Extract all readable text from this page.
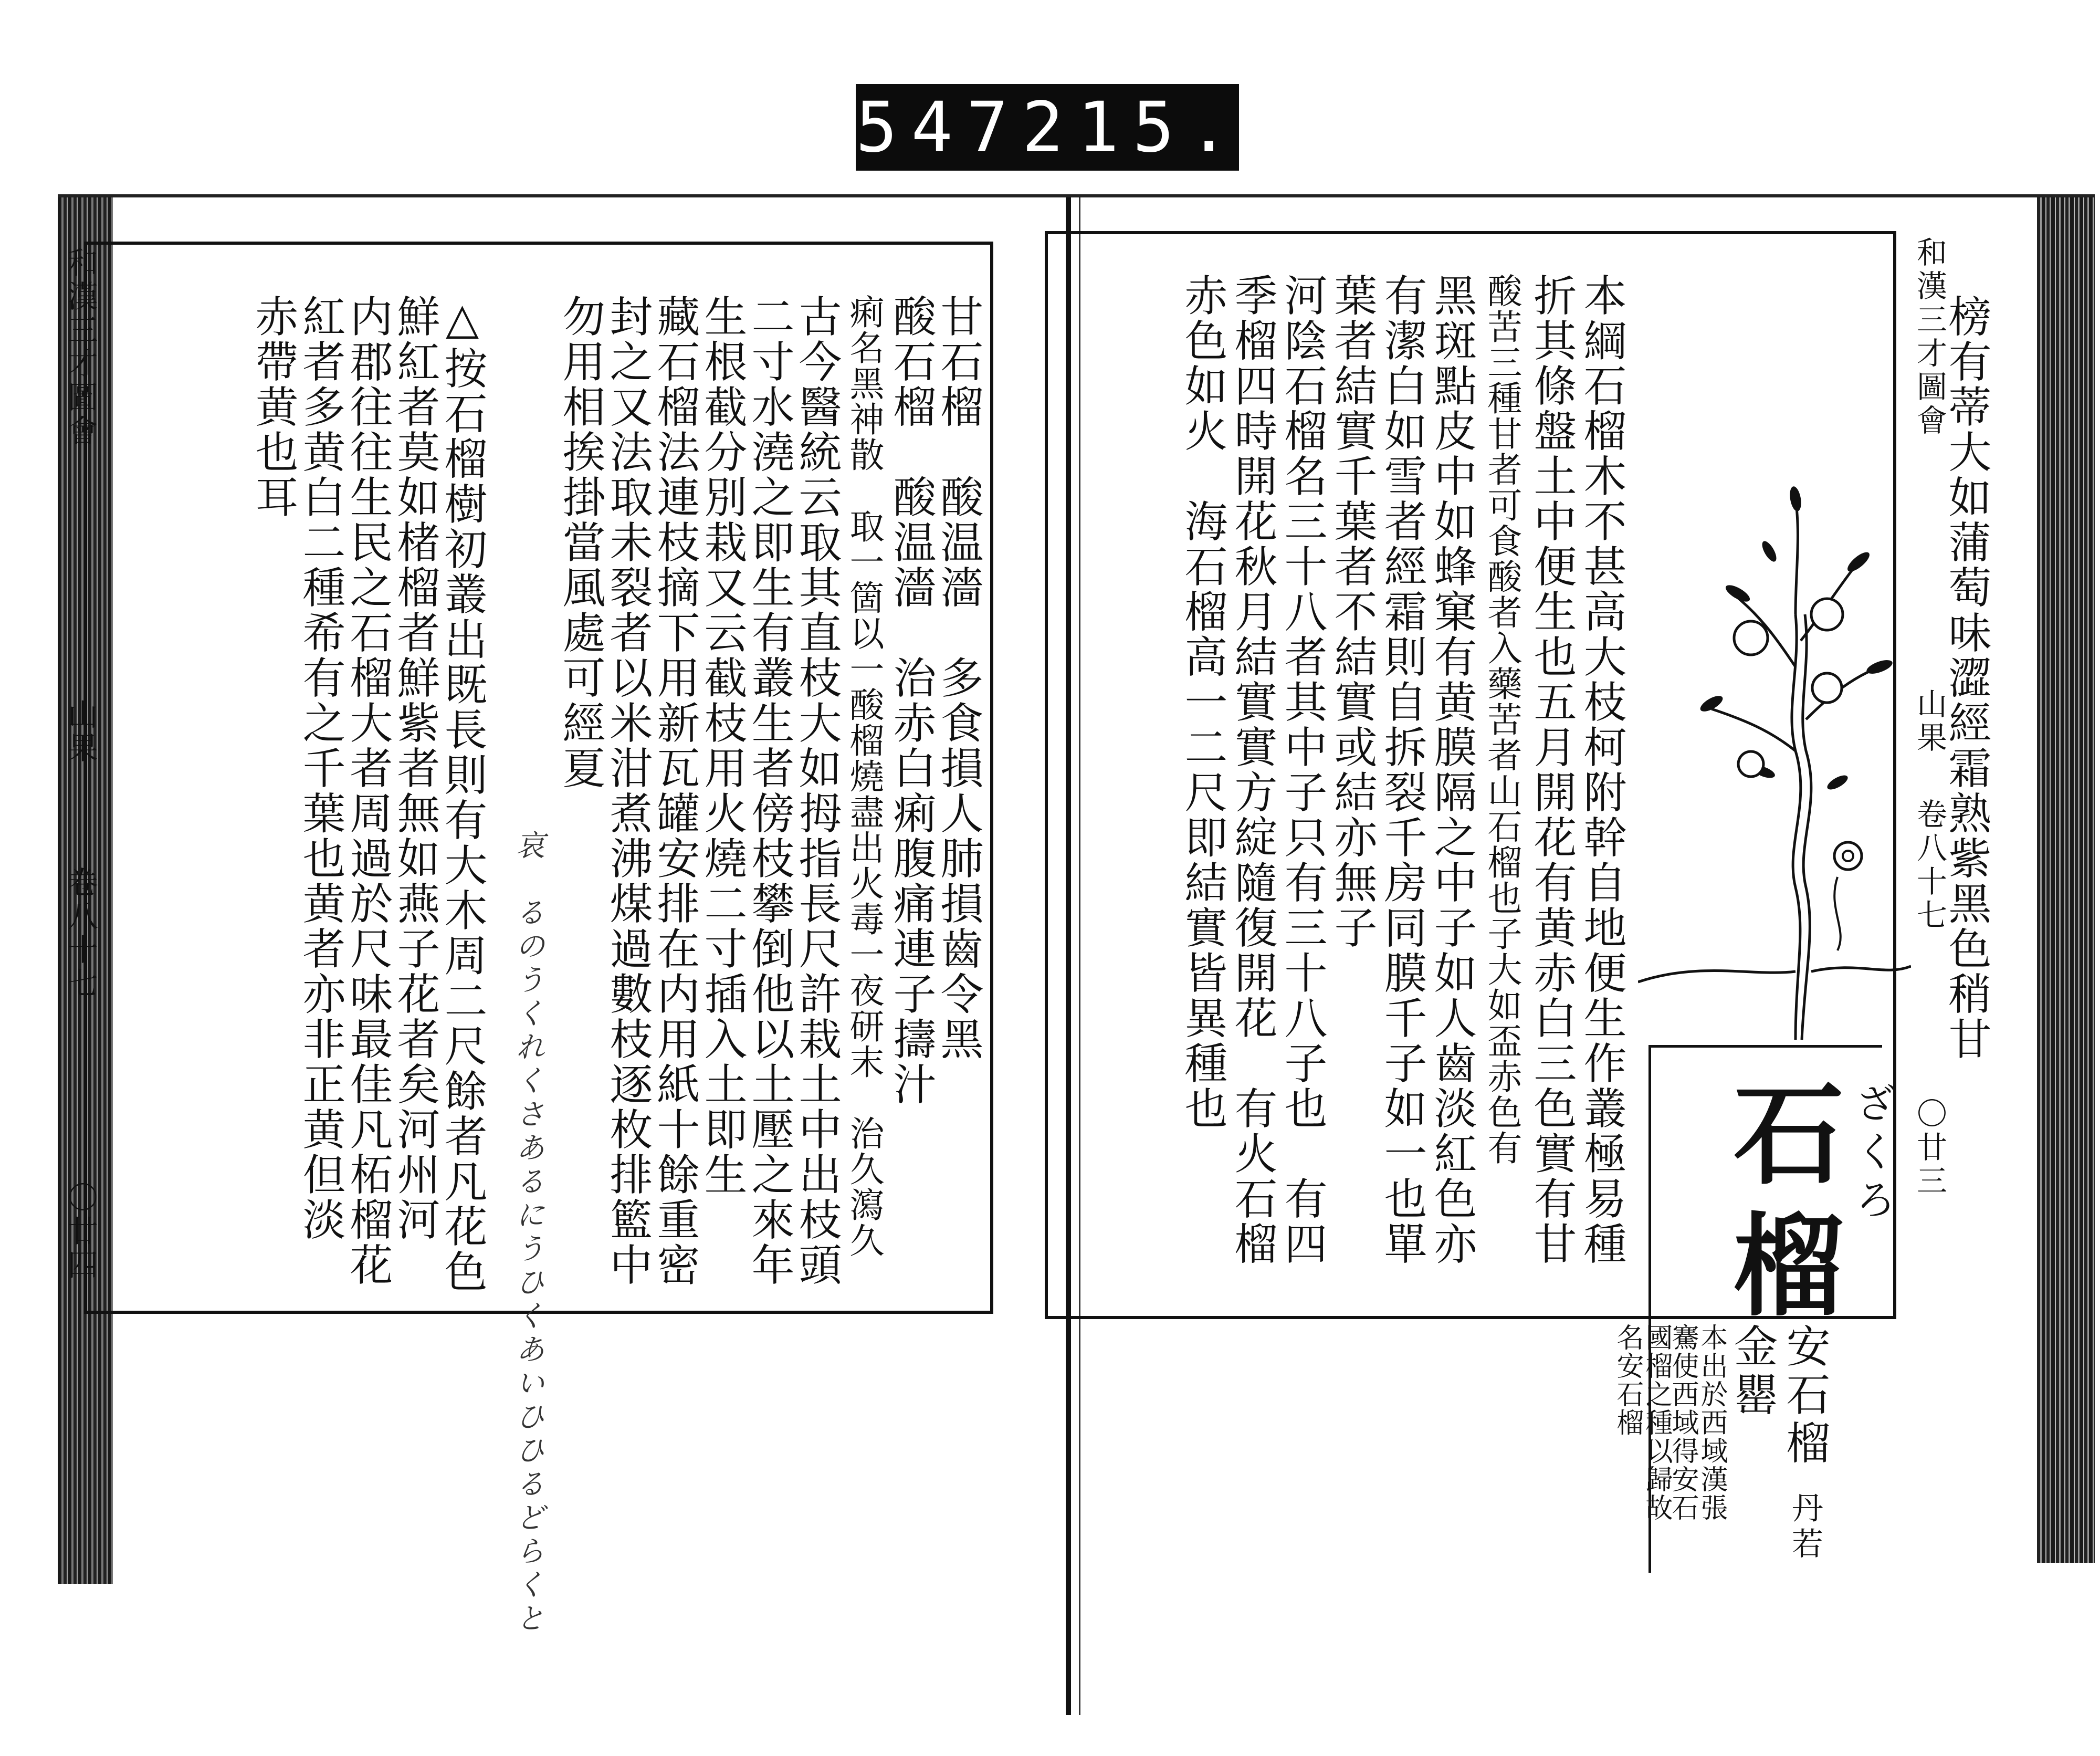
547 215.
和漢三才圖會
山果
卷八十七
〇廿四
和漢三才圖會
山果
卷八十七
〇廿三
榜有蒂大如蒲萄味澀經霜熟紫黑色稍甘
ざくろ
石榴
安石榴
丹若
金罌
本出於西域漢張
騫使西域得安石
國榴之種以歸故
名安石榴
本綱石榴木不甚高大枝柯附幹自地便生作叢極易種
折其條盤土中便生也五月開花有黄赤白三色實有甘
酸苦三種甘者可食酸者入藥苦者山石榴也子大如盃赤色有
黑斑點皮中如蜂窠有黄膜隔之中子如人齒淡紅色亦
有潔白如雪者經霜則自拆裂千房同膜千子如一也單
葉者結實千葉者不結實或結亦無子
河陰石榴名三十八者其中子只有三十八子也　有四
季榴四時開花秋月結實實方綻隨復開花　有火石榴
赤色如火　海石榴高一二尺即結實皆異種也
甘石榴　酸温濇　多食損人肺損齒令黑
酸石榴　酸温濇　治赤白痢腹痛連子擣汁
痢名黑神散　取一箇以一酸榴燒盡出火毒一夜研末　治久瀉久
古今醫統云取其直枝大如拇指長尺許栽土中出枝頭
二寸水澆之即生有叢生者傍枝攀倒他以土壓之來年
生根截分別栽又云截枝用火燒二寸插入土即生
藏石榴法連枝摘下用新瓦罐安排在内用紙十餘重密
封之又法取未裂者以米泔煮沸煤過數枝逐枚排籃中
勿用相挨掛當風處可經夏
哀　るのうくれくさあるにうひくあいひひるどらくと
△按石榴樹初叢出既長則有大木周二尺餘者凡花色
鮮紅者莫如楮榴者鮮紫者無如燕子花者矣河州河
内郡往往生民之石榴大者周過於尺味最佳凡柘榴花
紅者多黄白二種希有之千葉也黄者亦非正黄但淡
赤帶黄也耳
